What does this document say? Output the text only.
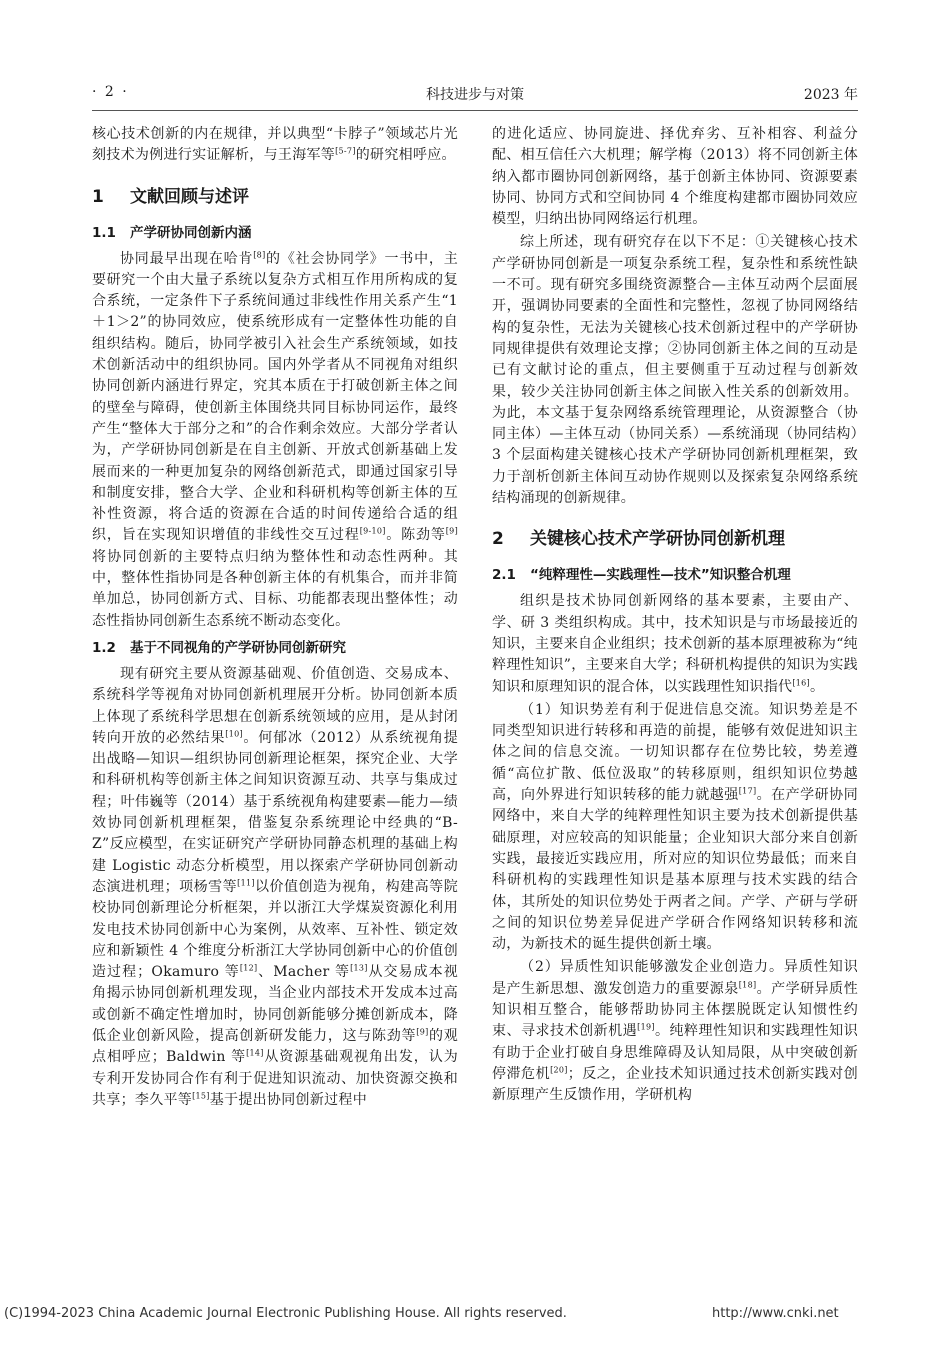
· 2 ·	科技进步与对策	2023 年

核心技术创新的内在规律，并以典型“卡脖子”领域芯片光刻技术为例进行实证解析，与王海军等[5-7]的研究相呼应。

1 文献回顾与述评
1.1 产学研协同创新内涵

协同最早出现在哈肯[8]的《社会协同学》一书中，主要研究一个由大量子系统以复杂方式相互作用所构成的复合系统，一定条件下子系统间通过非线性作用关系产生“1＋1＞2”的协同效应，使系统形成有一定整体性功能的自组织结构。随后，协同学被引入社会生产系统领域，如技术创新活动中的组织协同。国内外学者从不同视角对组织协同创新内涵进行界定，究其本质在于打破创新主体之间的壁垒与障碍，使创新主体围绕共同目标协同运作，最终产生“整体大于部分之和”的合作剩余效应。大部分学者认为，产学研协同创新是在自主创新、开放式创新基础上发展而来的一种更加复杂的网络创新范式，即通过国家引导和制度安排，整合大学、企业和科研机构等创新主体的互补性资源，将合适的资源在合适的时间传递给合适的组织，旨在实现知识增值的非线性交互过程[9-10]。陈劲等[9]将协同创新的主要特点归纳为整体性和动态性两种。其中，整体性指协同是各种创新主体的有机集合，而并非简单加总，协同创新方式、目标、功能都表现出整体性；动态性指协同创新生态系统不断动态变化。

1.2 基于不同视角的产学研协同创新研究

现有研究主要从资源基础观、价值创造、交易成本、系统科学等视角对协同创新机理展开分析。协同创新本质上体现了系统科学思想在创新系统领域的应用，是从封闭转向开放的必然结果[10]。何郁冰（2012）从系统视角提出战略—知识—组织协同创新理论框架，探究企业、大学和科研机构等创新主体之间知识资源互动、共享与集成过程；叶伟巍等（2014）基于系统视角构建要素—能力—绩效协同创新机理框架，借鉴复杂系统理论中经典的“B-Z”反应模型，在实证研究产学研协同静态机理的基础上构建 Logistic 动态分析模型，用以探索产学研协同创新动态演进机理；项杨雪等[11]以价值创造为视角，构建高等院校协同创新理论分析框架，并以浙江大学煤炭资源化利用发电技术协同创新中心为案例，从效率、互补性、锁定效应和新颖性 4 个维度分析浙江大学协同创新中心的价值创造过程；Okamuro 等[12]、Macher 等[13]从交易成本视角揭示协同创新机理发现，当企业内部技术开发成本过高或创新不确定性增加时，协同创新能够分摊创新成本，降低企业创新风险，提高创新研发能力，这与陈劲等[9]的观点相呼应；Baldwin 等[14]从资源基础观视角出发，认为专利开发协同合作有利于促进知识流动、加快资源交换和共享；李久平等[15]基于提出协同创新过程中

的进化适应、协同旋进、择优弃劣、互补相容、利益分配、相互信任六大机理；解学梅（2013）将不同创新主体纳入都市圈协同创新网络，基于创新主体协同、资源要素协同、协同方式和空间协同 4 个维度构建都市圈协同效应模型，归纳出协同网络运行机理。

综上所述，现有研究存在以下不足：①关键核心技术产学研协同创新是一项复杂系统工程，复杂性和系统性缺一不可。现有研究多围绕资源整合—主体互动两个层面展开，强调协同要素的全面性和完整性，忽视了协同网络结构的复杂性，无法为关键核心技术创新过程中的产学研协同规律提供有效理论支撑；②协同创新主体之间的互动是已有文献讨论的重点，但主要侧重于互动过程与创新效果，较少关注协同创新主体之间嵌入性关系的创新效用。为此，本文基于复杂网络系统管理理论，从资源整合（协同主体）—主体互动（协同关系）—系统涌现（协同结构）3 个层面构建关键核心技术产学研协同创新机理框架，致力于剖析创新主体间互动协作规则以及探索复杂网络系统结构涌现的创新规律。

2 关键核心技术产学研协同创新机理
2.1 “纯粹理性—实践理性—技术”知识整合机理

组织是技术协同创新网络的基本要素，主要由产、学、研 3 类组织构成。其中，技术知识是与市场最接近的知识，主要来自企业组织；技术创新的基本原理被称为“纯粹理性知识”，主要来自大学；科研机构提供的知识为实践知识和原理知识的混合体，以实践理性知识指代[16]。

（1）知识势差有利于促进信息交流。知识势差是不同类型知识进行转移和再造的前提，能够有效促进知识主体之间的信息交流。一切知识都存在位势比较，势差遵循“高位扩散、低位汲取”的转移原则，组织知识位势越高，向外界进行知识转移的能力就越强[17]。在产学研协同网络中，来自大学的纯粹理性知识主要为技术创新提供基础原理，对应较高的知识能量；企业知识大部分来自创新实践，最接近实践应用，所对应的知识位势最低；而来自科研机构的实践理性知识是基本原理与技术实践的结合体，其所处的知识位势处于两者之间。产学、产研与学研之间的知识位势差异促进产学研合作网络知识转移和流动，为新技术的诞生提供创新土壤。

（2）异质性知识能够激发企业创造力。异质性知识是产生新思想、激发创造力的重要源泉[18]。产学研异质性知识相互整合，能够帮助协同主体摆脱既定认知惯性约束、寻求技术创新机遇[19]。纯粹理性知识和实践理性知识有助于企业打破自身思维障碍及认知局限，从中突破创新停滞危机[20]；反之，企业技术知识通过技术创新实践对创新原理产生反馈作用，学研机构

(C)1994-2023 China Academic Journal Electronic Publishing House. All rights reserved.	http://www.cnki.net
